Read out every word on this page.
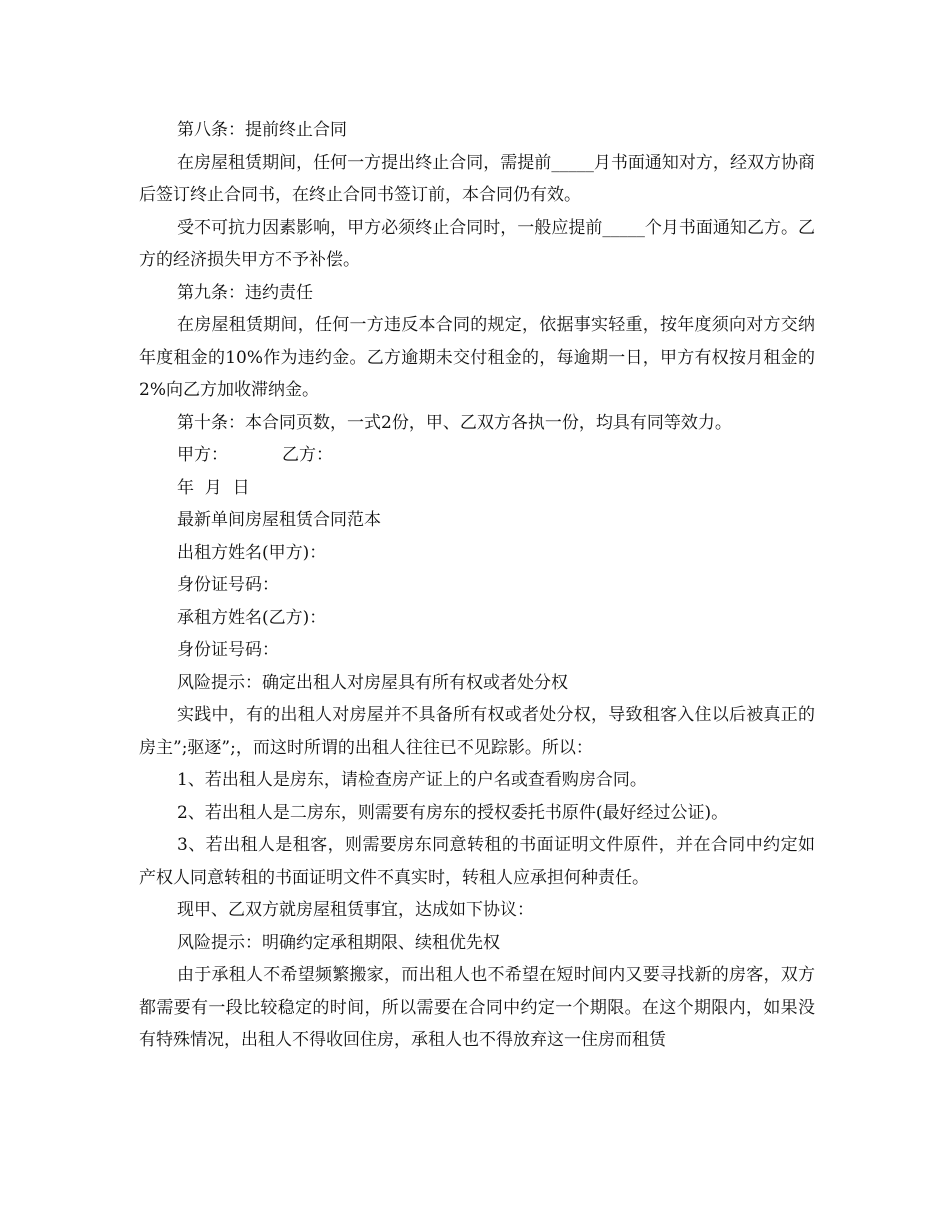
第八条：提前终止合同

在房屋租赁期间，任何一方提出终止合同，需提前_____月书面通知对方，经双方协商后签订终止合同书，在终止合同书签订前，本合同仍有效。

受不可抗力因素影响，甲方必须终止合同时，一般应提前_____个月书面通知乙方。乙方的经济损失甲方不予补偿。

第九条：违约责任

在房屋租赁期间，任何一方违反本合同的规定，依据事实轻重，按年度须向对方交纳年度租金的10%作为违约金。乙方逾期未交付租金的，每逾期一日，甲方有权按月租金的2%向乙方加收滞纳金。

第十条：本合同页数，一式2份，甲、乙双方各执一份，均具有同等效力。

甲方：          乙方：

年  月  日

最新单间房屋租赁合同范本

出租方姓名(甲方)：

身份证号码：

承租方姓名(乙方)：

身份证号码：

风险提示：确定出租人对房屋具有所有权或者处分权

实践中，有的出租人对房屋并不具备所有权或者处分权，导致租客入住以后被真正的房主”;驱逐”;，而这时所谓的出租人往往已不见踪影。所以：

1、若出租人是房东，请检查房产证上的户名或查看购房合同。

2、若出租人是二房东，则需要有房东的授权委托书原件(最好经过公证)。

3、若出租人是租客，则需要房东同意转租的书面证明文件原件，并在合同中约定如产权人同意转租的书面证明文件不真实时，转租人应承担何种责任。

现甲、乙双方就房屋租赁事宜，达成如下协议：

风险提示：明确约定承租期限、续租优先权

由于承租人不希望频繁搬家，而出租人也不希望在短时间内又要寻找新的房客，双方都需要有一段比较稳定的时间，所以需要在合同中约定一个期限。在这个期限内，如果没有特殊情况，出租人不得收回住房，承租人也不得放弃这一住房而租赁
